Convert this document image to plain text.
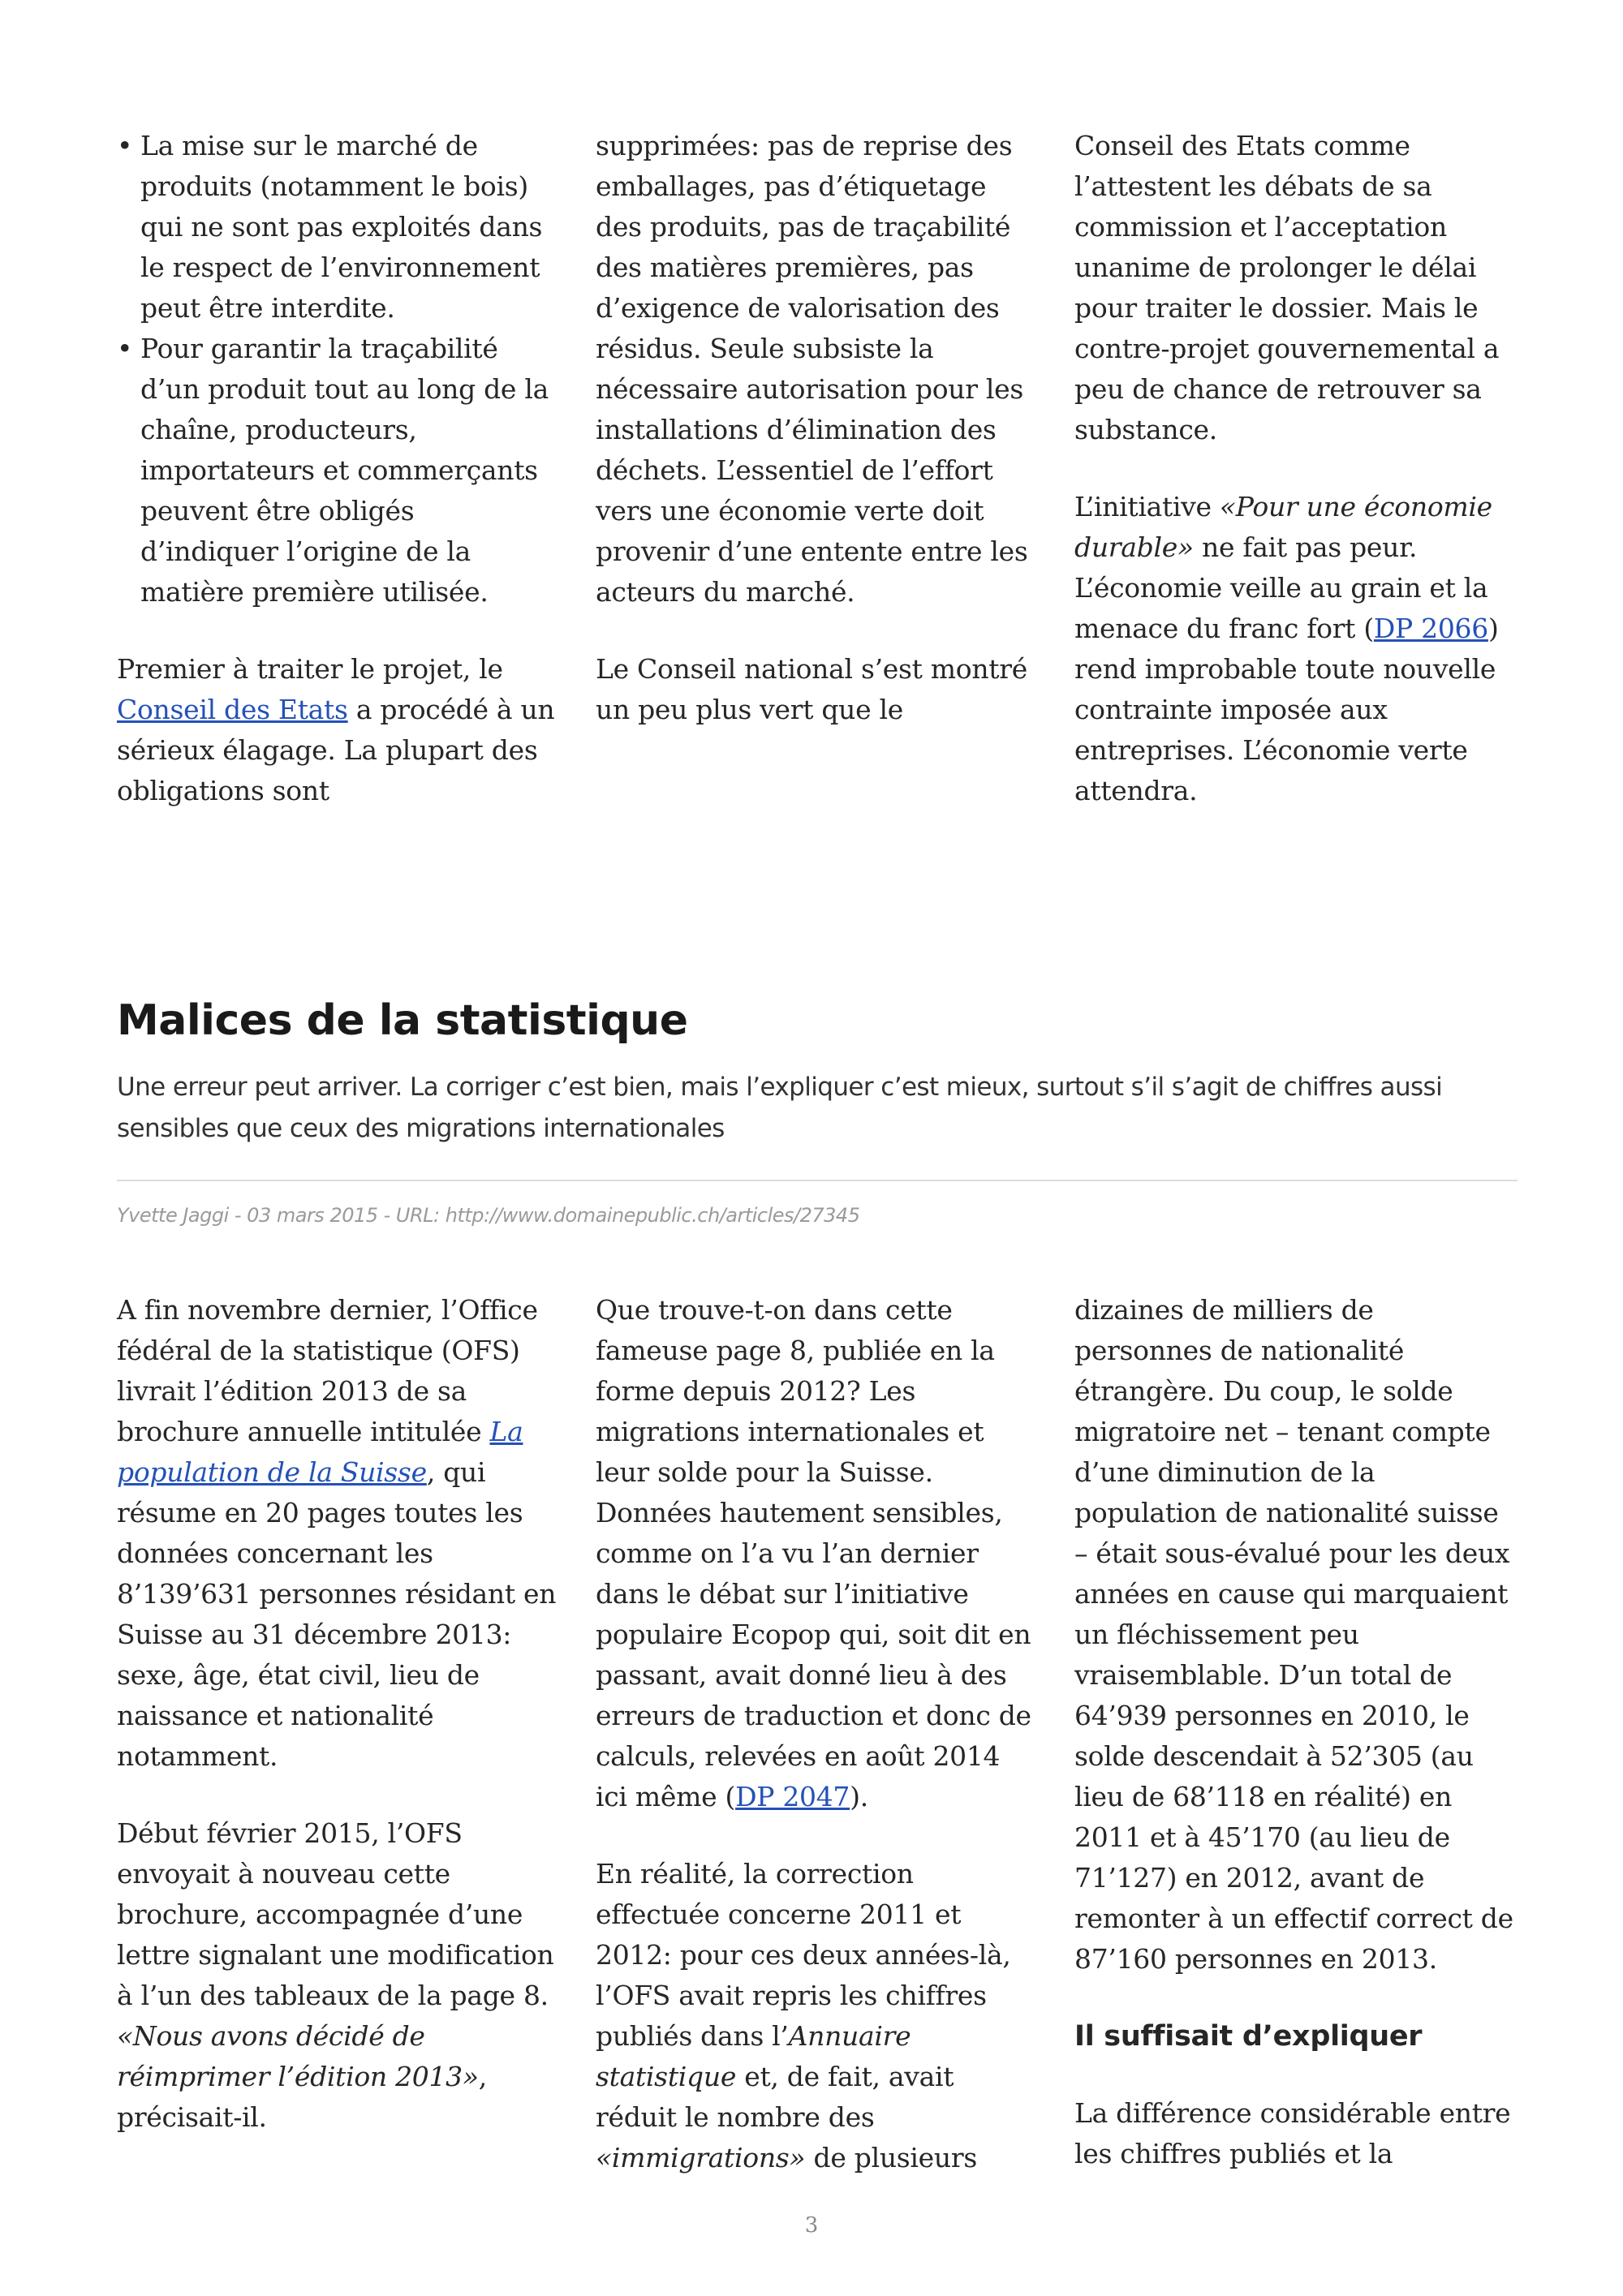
• La mise sur le marché de produits (notamment le bois) qui ne sont pas exploités dans le respect de l’environnement peut être interdite.
• Pour garantir la traçabilité d’un produit tout au long de la chaîne, producteurs, importateurs et commerçants peuvent être obligés d’indiquer l’origine de la matière première utilisée.

Premier à traiter le projet, le Conseil des Etats a procédé à un sérieux élagage. La plupart des obligations sont

supprimées: pas de reprise des emballages, pas d’étiquetage des produits, pas de traçabilité des matières premières, pas d’exigence de valorisation des résidus. Seule subsiste la nécessaire autorisation pour les installations d’élimination des déchets. L’essentiel de l’effort vers une économie verte doit provenir d’une entente entre les acteurs du marché.

Le Conseil national s’est montré un peu plus vert que le

Conseil des Etats comme l’attestent les débats de sa commission et l’acceptation unanime de prolonger le délai pour traiter le dossier. Mais le contre-projet gouvernemental a peu de chance de retrouver sa substance.

L’initiative «Pour une économie durable» ne fait pas peur. L’économie veille au grain et la menace du franc fort (DP 2066) rend improbable toute nouvelle contrainte imposée aux entreprises. L’économie verte attendra.

Malices de la statistique

Une erreur peut arriver. La corriger c’est bien, mais l’expliquer c’est mieux, surtout s’il s’agit de chiffres aussi sensibles que ceux des migrations internationales

Yvette Jaggi - 03 mars 2015 - URL: http://www.domainepublic.ch/articles/27345

A fin novembre dernier, l’Office fédéral de la statistique (OFS) livrait l’édition 2013 de sa brochure annuelle intitulée La population de la Suisse, qui résume en 20 pages toutes les données concernant les 8’139’631 personnes résidant en Suisse au 31 décembre 2013: sexe, âge, état civil, lieu de naissance et nationalité notamment.

Début février 2015, l’OFS envoyait à nouveau cette brochure, accompagnée d’une lettre signalant une modification à l’un des tableaux de la page 8. «Nous avons décidé de réimprimer l’édition 2013», précisait-il.

Que trouve-t-on dans cette fameuse page 8, publiée en la forme depuis 2012? Les migrations internationales et leur solde pour la Suisse. Données hautement sensibles, comme on l’a vu l’an dernier dans le débat sur l’initiative populaire Ecopop qui, soit dit en passant, avait donné lieu à des erreurs de traduction et donc de calculs, relevées en août 2014 ici même (DP 2047).

En réalité, la correction effectuée concerne 2011 et 2012: pour ces deux années-là, l’OFS avait repris les chiffres publiés dans l’Annuaire statistique et, de fait, avait réduit le nombre des «immigrations» de plusieurs

dizaines de milliers de personnes de nationalité étrangère. Du coup, le solde migratoire net – tenant compte d’une diminution de la population de nationalité suisse – était sous-évalué pour les deux années en cause qui marquaient un fléchissement peu vraisemblable. D’un total de 64’939 personnes en 2010, le solde descendait à 52’305 (au lieu de 68’118 en réalité) en 2011 et à 45’170 (au lieu de 71’127) en 2012, avant de remonter à un effectif correct de 87’160 personnes en 2013.

Il suffisait d’expliquer

La différence considérable entre les chiffres publiés et la

3
